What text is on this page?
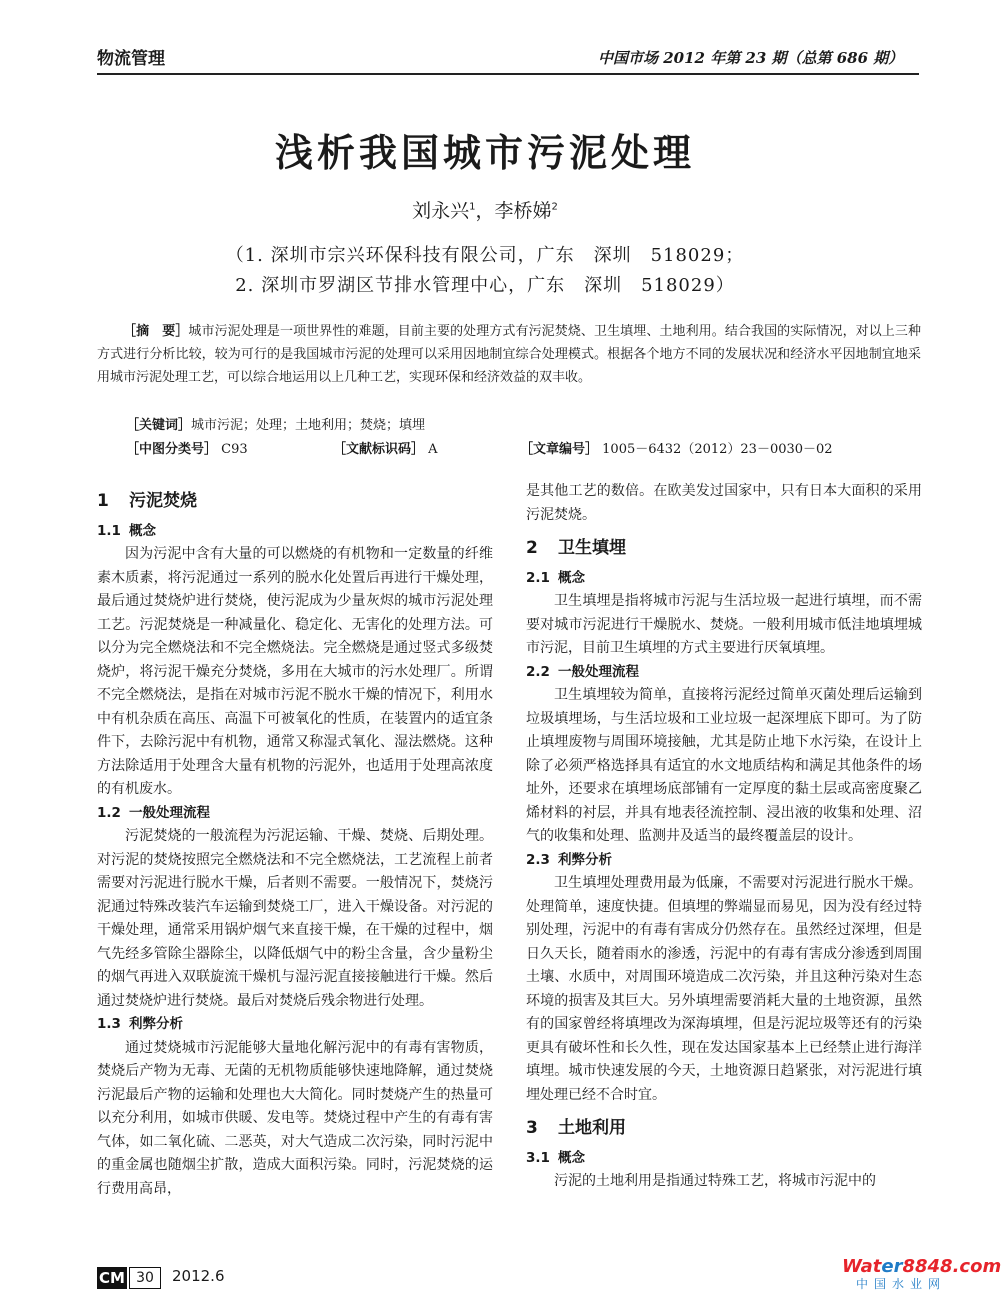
物流管理	中国市场 2012 年第 23 期（总第 686 期）
浅析我国城市污泥处理
刘永兴$^1$，李桥娣$^2$
（1. 深圳市宗兴环保科技有限公司，广东　深圳　518029；
2. 深圳市罗湖区节排水管理中心，广东　深圳　518029）
［摘　要］城市污泥处理是一项世界性的难题，目前主要的处理方式有污泥焚烧、卫生填埋、土地利用。结合我国的实际情况，对以上三种方式进行分析比较，较为可行的是我国城市污泥的处理可以采用因地制宜综合处理模式。根据各个地方不同的发展状况和经济水平因地制宜地采用城市污泥处理工艺，可以综合地运用以上几种工艺，实现环保和经济效益的双丰收。
［关键词］城市污泥；处理；土地利用；焚烧；填埋
［中图分类号］ C93	［文献标识码］ A	［文章编号］ 1005－6432（2012）23－0030－02
1 污泥焚烧
1.1 概念

因为污泥中含有大量的可以燃烧的有机物和一定数量的纤维素木质素，将污泥通过一系列的脱水化处置后再进行干燥处理，最后通过焚烧炉进行焚烧，使污泥成为少量灰烬的城市污泥处理工艺。污泥焚烧是一种减量化、稳定化、无害化的处理方法。可以分为完全燃烧法和不完全燃烧法。完全燃烧是通过竖式多级焚烧炉，将污泥干燥充分焚烧，多用在大城市的污水处理厂。所谓不完全燃烧法，是指在对城市污泥不脱水干燥的情况下，利用水中有机杂质在高压、高温下可被氧化的性质，在装置内的适宜条件下，去除污泥中有机物，通常又称湿式氧化、湿法燃烧。这种方法除适用于处理含大量有机物的污泥外，也适用于处理高浓度的有机废水。

1.2 一般处理流程

污泥焚烧的一般流程为污泥运输、干燥、焚烧、后期处理。对污泥的焚烧按照完全燃烧法和不完全燃烧法，工艺流程上前者需要对污泥进行脱水干燥，后者则不需要。一般情况下，焚烧污泥通过特殊改装汽车运输到焚烧工厂，进入干燥设备。对污泥的干燥处理，通常采用锅炉烟气来直接干燥，在干燥的过程中，烟气先经多管除尘器除尘，以降低烟气中的粉尘含量，含少量粉尘的烟气再进入双联旋流干燥机与湿污泥直接接触进行干燥。然后通过焚烧炉进行焚烧。最后对焚烧后残余物进行处理。

1.3 利弊分析

通过焚烧城市污泥能够大量地化解污泥中的有毒有害物质，焚烧后产物为无毒、无菌的无机物质能够快速地降解，通过焚烧污泥最后产物的运输和处理也大大简化。同时焚烧产生的热量可以充分利用，如城市供暖、发电等。焚烧过程中产生的有毒有害气体，如二氧化硫、二恶英，对大气造成二次污染，同时污泥中的重金属也随烟尘扩散，造成大面积污染。同时，污泥焚烧的运行费用高昂，

是其他工艺的数倍。在欧美发过国家中，只有日本大面积的采用污泥焚烧。

2 卫生填埋
2.1 概念

卫生填埋是指将城市污泥与生活垃圾一起进行填埋，而不需要对城市污泥进行干燥脱水、焚烧。一般利用城市低洼地填埋城市污泥，目前卫生填埋的方式主要进行厌氧填埋。

2.2 一般处理流程

卫生填埋较为简单，直接将污泥经过简单灭菌处理后运输到垃圾填埋场，与生活垃圾和工业垃圾一起深埋底下即可。为了防止填埋废物与周围环境接触，尤其是防止地下水污染，在设计上除了必须严格选择具有适宜的水文地质结构和满足其他条件的场址外，还要求在填埋场底部铺有一定厚度的黏土层或高密度聚乙烯材料的衬层，并具有地表径流控制、浸出液的收集和处理、沼气的收集和处理、监测井及适当的最终覆盖层的设计。

2.3 利弊分析

卫生填埋处理费用最为低廉，不需要对污泥进行脱水干燥。处理简单，速度快捷。但填埋的弊端显而易见，因为没有经过特别处理，污泥中的有毒有害成分仍然存在。虽然经过深埋，但是日久天长，随着雨水的渗透，污泥中的有毒有害成分渗透到周围土壤、水质中，对周围环境造成二次污染，并且这种污染对生态环境的损害及其巨大。另外填埋需要消耗大量的土地资源，虽然有的国家曾经将填埋改为深海填埋，但是污泥垃圾等还有的污染更具有破坏性和长久性，现在发达国家基本上已经禁止进行海洋填埋。城市快速发展的今天，土地资源日趋紧张，对污泥进行填埋处理已经不合时宜。

3 土地利用
3.1 概念

污泥的土地利用是指通过特殊工艺，将城市污泥中的

CM 30	2012.6	Water8848.com
中国水业网
